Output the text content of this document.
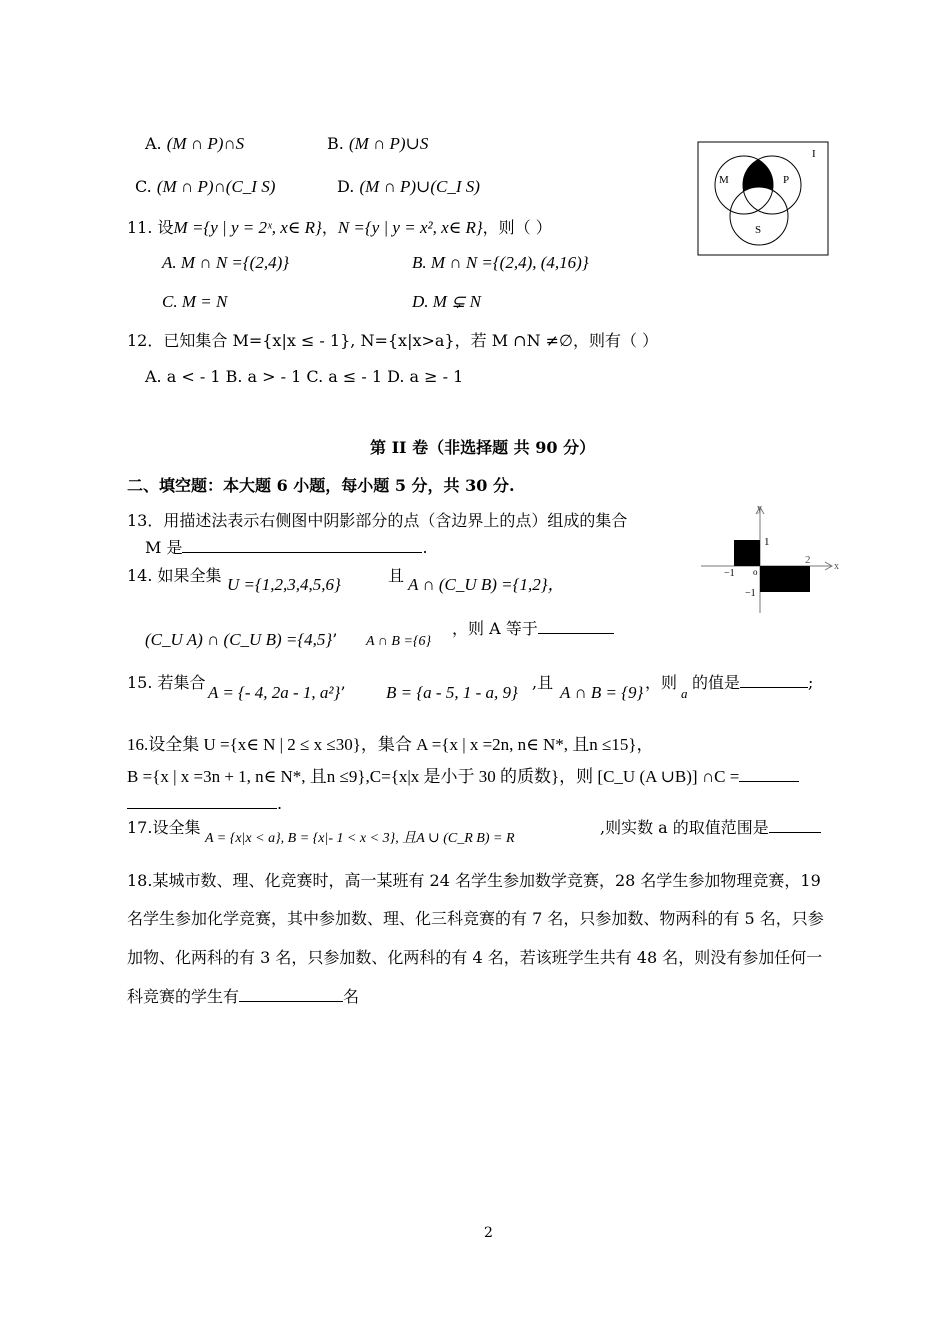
A. (M ∩ P)∩S	B. (M ∩ P)∪S
C. (M ∩ P)∩(C_I S)	D. (M ∩ P)∪(C_I S)	M	P
S
I
11. 设M ={y | y = 2ˣ, x∈ R}，N ={y | y = x², x∈ R}，则（ ）
A. M ∩ N ={(2,4)}	B. M ∩ N ={(2,4), (4,16)}
C. M = N	D. M ⊊ N
12．已知集合 M={x|x ≤ - 1}, N={x|x>a}，若 M ∩N ≠∅，则有（ ）
A. a < - 1 B. a > - 1 C. a ≤ - 1 D. a ≥ - 1
第 II 卷（非选择题 共 90 分）
二、填空题：本大题 6 小题，每小题 5 分，共 30 分.
13．用描述法表示右侧图中阴影部分的点（含边界上的点）组成的集合
M 是	.
y
x
1
2
−1 o
−1
14. 如果全集 U ={1,2,3,4,5,6}	且 A ∩ (C_U B) ={1,2}，
(C_U A) ∩ (C_U B) ={4,5}’ A ∩ B ={6}
，则 A 等于
15. 若集合
A = {- 4, 2a - 1, a²}’ B = {a - 5, 1 - a, 9}
,且
A ∩ B = {9}
，则
a
的值是	;
16.设全集 U ={x∈ N | 2 ≤ x ≤30}，集合 A ={x | x =2n, n∈ N*, 且n ≤15}，
B ={x | x =3n + 1, n∈ N*, 且n ≤9},C={x|x 是小于 30 的质数}，则 [C_U (A ∪B)] ∩C =
.
17.设全集
A = {x|x < a}, B = {x|- 1 < x < 3}, 且A ∪ (C_R B) = R
,则实数 a 的取值范围是
18.某城市数、理、化竞赛时，高一某班有 24 名学生参加数学竞赛，28 名学生参加物理竞赛，19
名学生参加化学竞赛，其中参加数、理、化三科竞赛的有 7 名，只参加数、物两科的有 5 名，只参
加物、化两科的有 3 名，只参加数、化两科的有 4 名，若该班学生共有 48 名，则没有参加任何一
科竞赛的学生有	名
2
